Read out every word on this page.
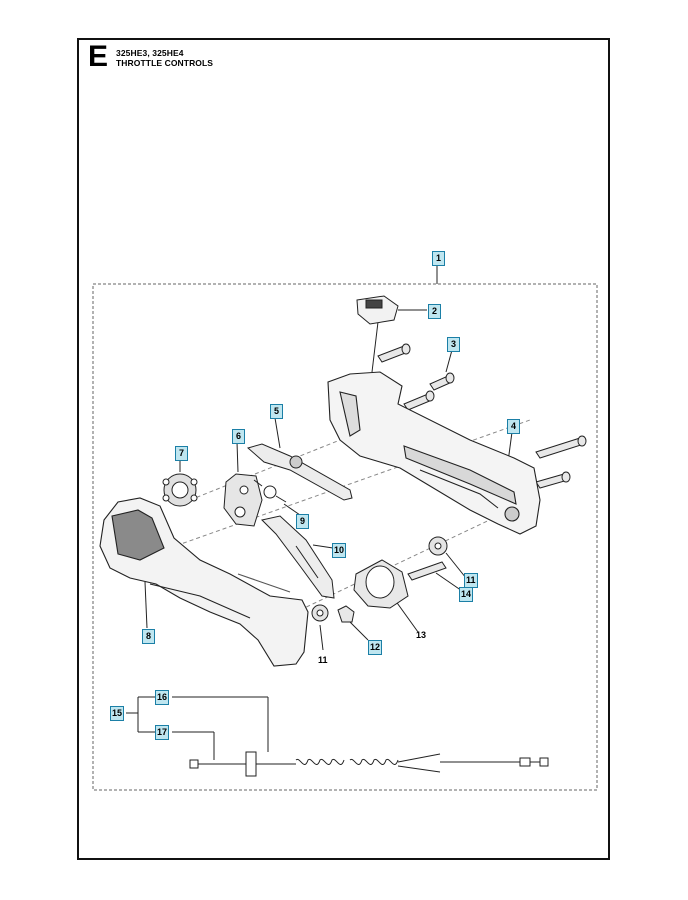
E 325HE3, 325HE4
THROTTLE CONTROLS
1
2
3
4
5
6
7
8
9
10
11
11
12
13
14
15
16
17
